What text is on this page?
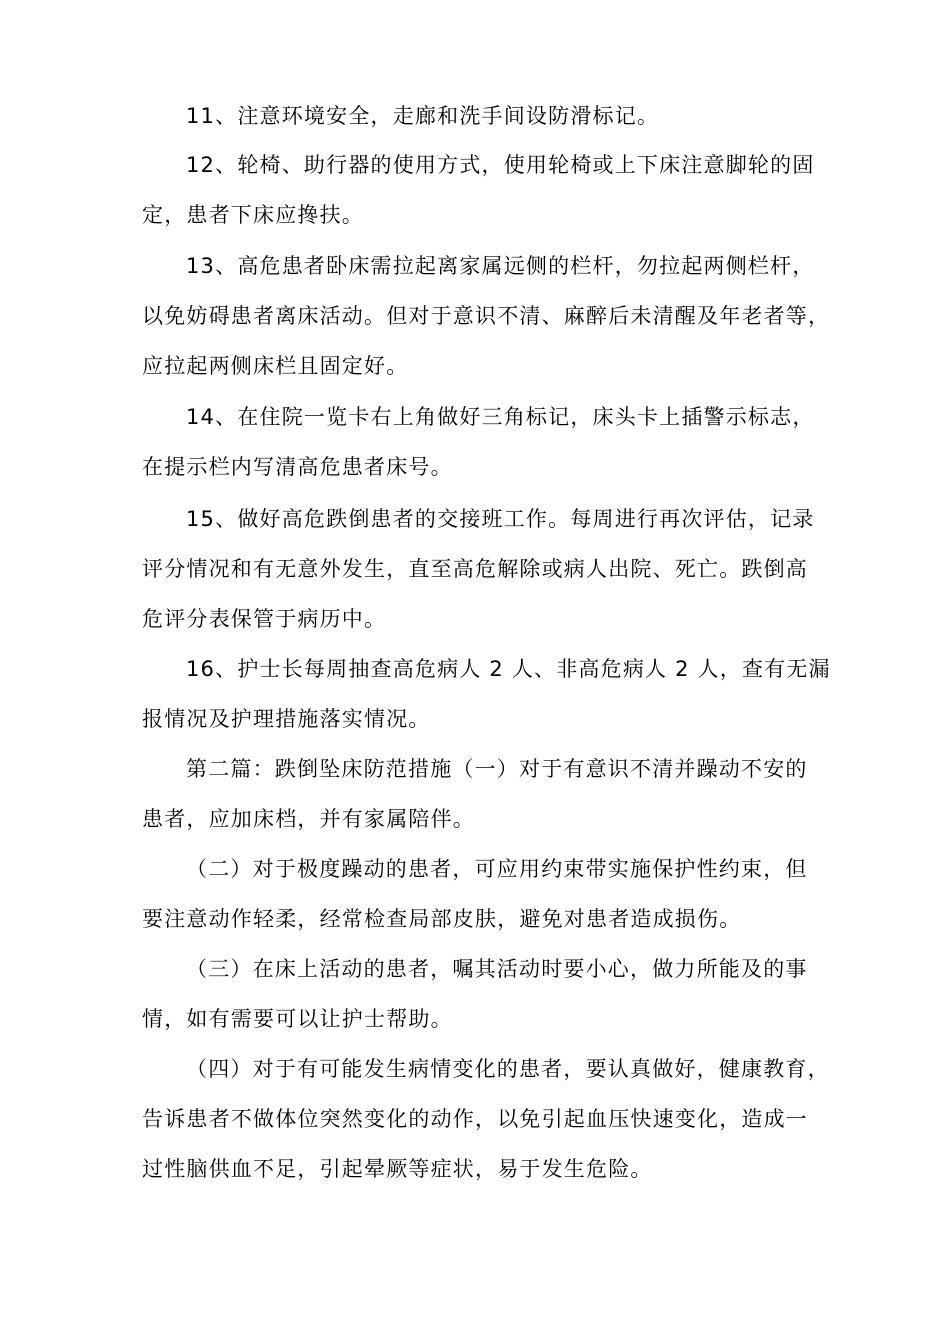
11、注意环境安全，走廊和洗手间设防滑标记。

12、轮椅、助行器的使用方式，使用轮椅或上下床注意脚轮的固
定，患者下床应搀扶。

13、高危患者卧床需拉起离家属远侧的栏杆，勿拉起两侧栏杆，
以免妨碍患者离床活动。但对于意识不清、麻醉后未清醒及年老者等，
应拉起两侧床栏且固定好。

14、在住院一览卡右上角做好三角标记，床头卡上插警示标志，
在提示栏内写清高危患者床号。

15、做好高危跌倒患者的交接班工作。每周进行再次评估，记录
评分情况和有无意外发生，直至高危解除或病人出院、死亡。跌倒高
危评分表保管于病历中。

16、护士长每周抽查高危病人 2 人、非高危病人 2 人，查有无漏
报情况及护理措施落实情况。

第二篇：跌倒坠床防范措施（一）对于有意识不清并躁动不安的
患者，应加床档，并有家属陪伴。

（二）对于极度躁动的患者，可应用约束带实施保护性约束，但
要注意动作轻柔，经常检查局部皮肤，避免对患者造成损伤。

（三）在床上活动的患者，嘱其活动时要小心，做力所能及的事
情，如有需要可以让护士帮助。

（四）对于有可能发生病情变化的患者，要认真做好，健康教育，
告诉患者不做体位突然变化的动作，以免引起血压快速变化，造成一
过性脑供血不足，引起晕厥等症状，易于发生危险。
